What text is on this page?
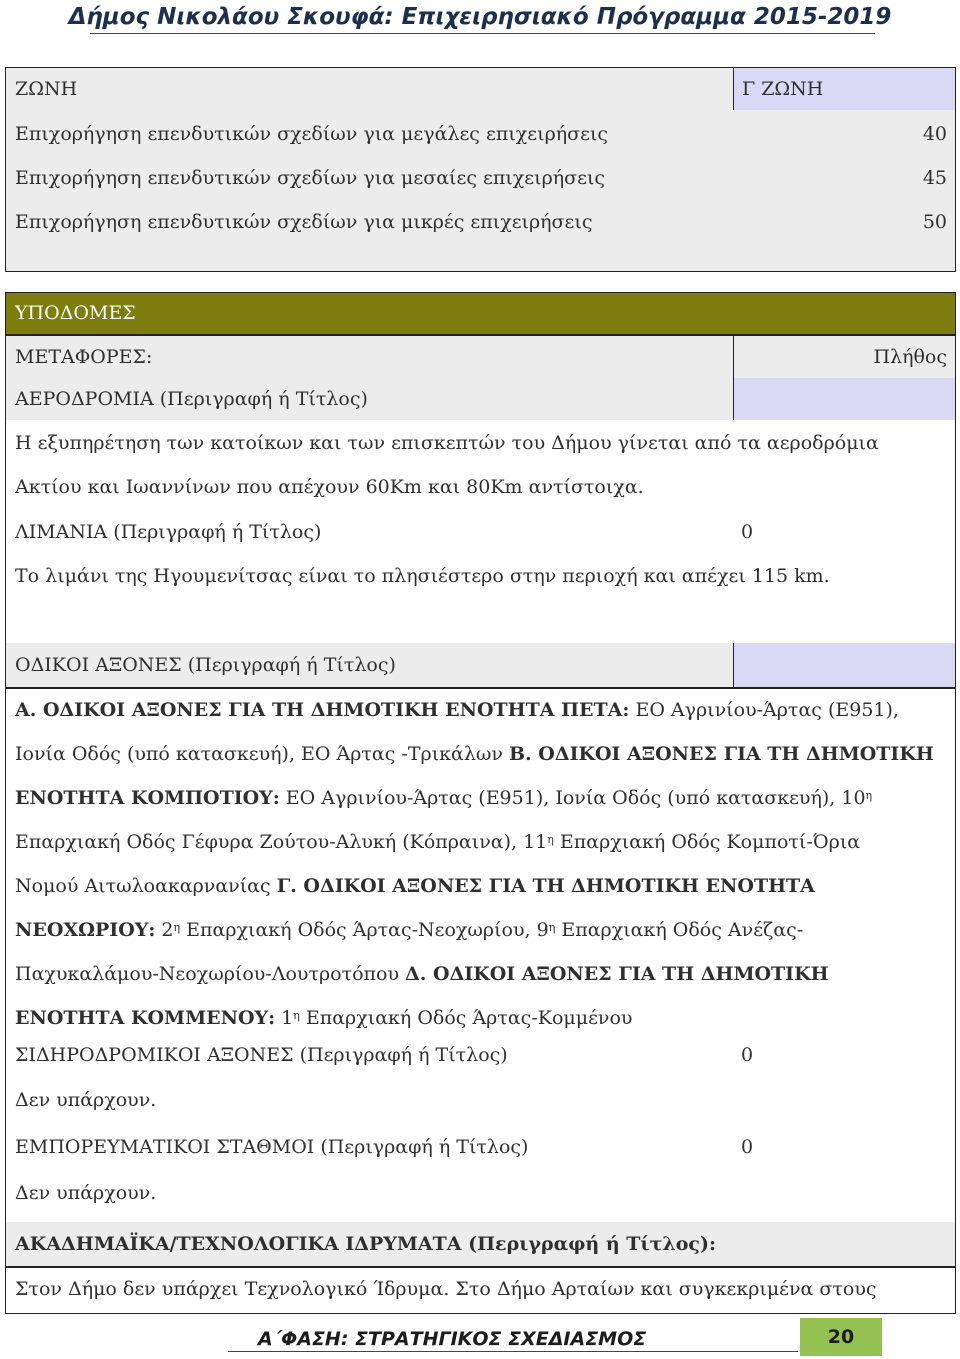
Δήμος Νικολάου Σκουφά: Επιχειρησιακό Πρόγραμμα 2015-2019
ΖΩΝΗ	Γ ΖΩΝΗ
Επιχορήγηση επενδυτικών σχεδίων για μεγάλες επιχειρήσεις	40
Επιχορήγηση επενδυτικών σχεδίων για μεσαίες επιχειρήσεις	45
Επιχορήγηση επενδυτικών σχεδίων για μικρές επιχειρήσεις	50
ΥΠΟΔΟΜΕΣ
ΜΕΤΑΦΟΡΕΣ:	Πλήθος
ΑΕΡΟΔΡΟΜΙΑ (Περιγραφή ή Τίτλος)
Η εξυπηρέτηση των κατοίκων και των επισκεπτών του Δήμου γίνεται από τα αεροδρόμια
Ακτίου και Ιωαννίνων που απέχουν 60Km και 80Km αντίστοιχα.
ΛΙΜΑΝΙΑ (Περιγραφή ή Τίτλος)	0
Το λιμάνι της Ηγουμενίτσας είναι το πλησιέστερο στην περιοχή και απέχει 115 km.
ΟΔΙΚΟΙ ΑΞΟΝΕΣ (Περιγραφή ή Τίτλος)
Α. ΟΔΙΚΟΙ ΑΞΟΝΕΣ ΓΙΑ ΤΗ ΔΗΜΟΤΙΚΗ ΕΝΟΤΗΤΑ ΠΕΤΑ: ΕΟ Αγρινίου-Άρτας (Ε951),
Ιονία Οδός (υπό κατασκευή), ΕΟ Άρτας -Τρικάλων Β. ΟΔΙΚΟΙ ΑΞΟΝΕΣ ΓΙΑ ΤΗ ΔΗΜΟΤΙΚΗ
ΕΝΟΤΗΤΑ ΚΟΜΠΟΤΙΟΥ: ΕΟ Αγρινίου-Άρτας (Ε951), Ιονία Οδός (υπό κατασκευή), $10^\eta$
Επαρχιακή Οδός Γέφυρα Ζούτου-Αλυκή (Κόπραινα), $11^\eta$ Επαρχιακή Οδός Κομποτί-Όρια
Νομού Αιτωλοακαρνανίας Γ. ΟΔΙΚΟΙ ΑΞΟΝΕΣ ΓΙΑ ΤΗ ΔΗΜΟΤΙΚΗ ΕΝΟΤΗΤΑ
ΝΕΟΧΩΡΙΟΥ: $2^\eta$ Επαρχιακή Οδός Άρτας-Νεοχωρίου, $9^\eta$ Επαρχιακή Οδός Ανέζας-
Παχυκαλάμου-Νεοχωρίου-Λουτροτόπου Δ. ΟΔΙΚΟΙ ΑΞΟΝΕΣ ΓΙΑ ΤΗ ΔΗΜΟΤΙΚΗ
ΕΝΟΤΗΤΑ ΚΟΜΜΕΝΟΥ: $1^\eta$ Επαρχιακή Οδός Άρτας-Κομμένου
ΣΙΔΗΡΟΔΡΟΜΙΚΟΙ ΑΞΟΝΕΣ (Περιγραφή ή Τίτλος)	0
Δεν υπάρχουν.
ΕΜΠΟΡΕΥΜΑΤΙΚΟΙ ΣΤΑΘΜΟΙ (Περιγραφή ή Τίτλος)	0
Δεν υπάρχουν.
ΑΚΑΔΗΜΑΪΚΑ/ΤΕΧΝΟΛΟΓΙΚΑ ΙΔΡΥΜΑΤΑ (Περιγραφή ή Τίτλος):
Στον Δήμο δεν υπάρχει Τεχνολογικό Ίδρυμα. Στο Δήμο Αρταίων και συγκεκριμένα στους
Α΄ΦΑΣΗ: ΣΤΡΑΤΗΓΙΚΟΣ ΣΧΕΔΙΑΣΜΟΣ	20
